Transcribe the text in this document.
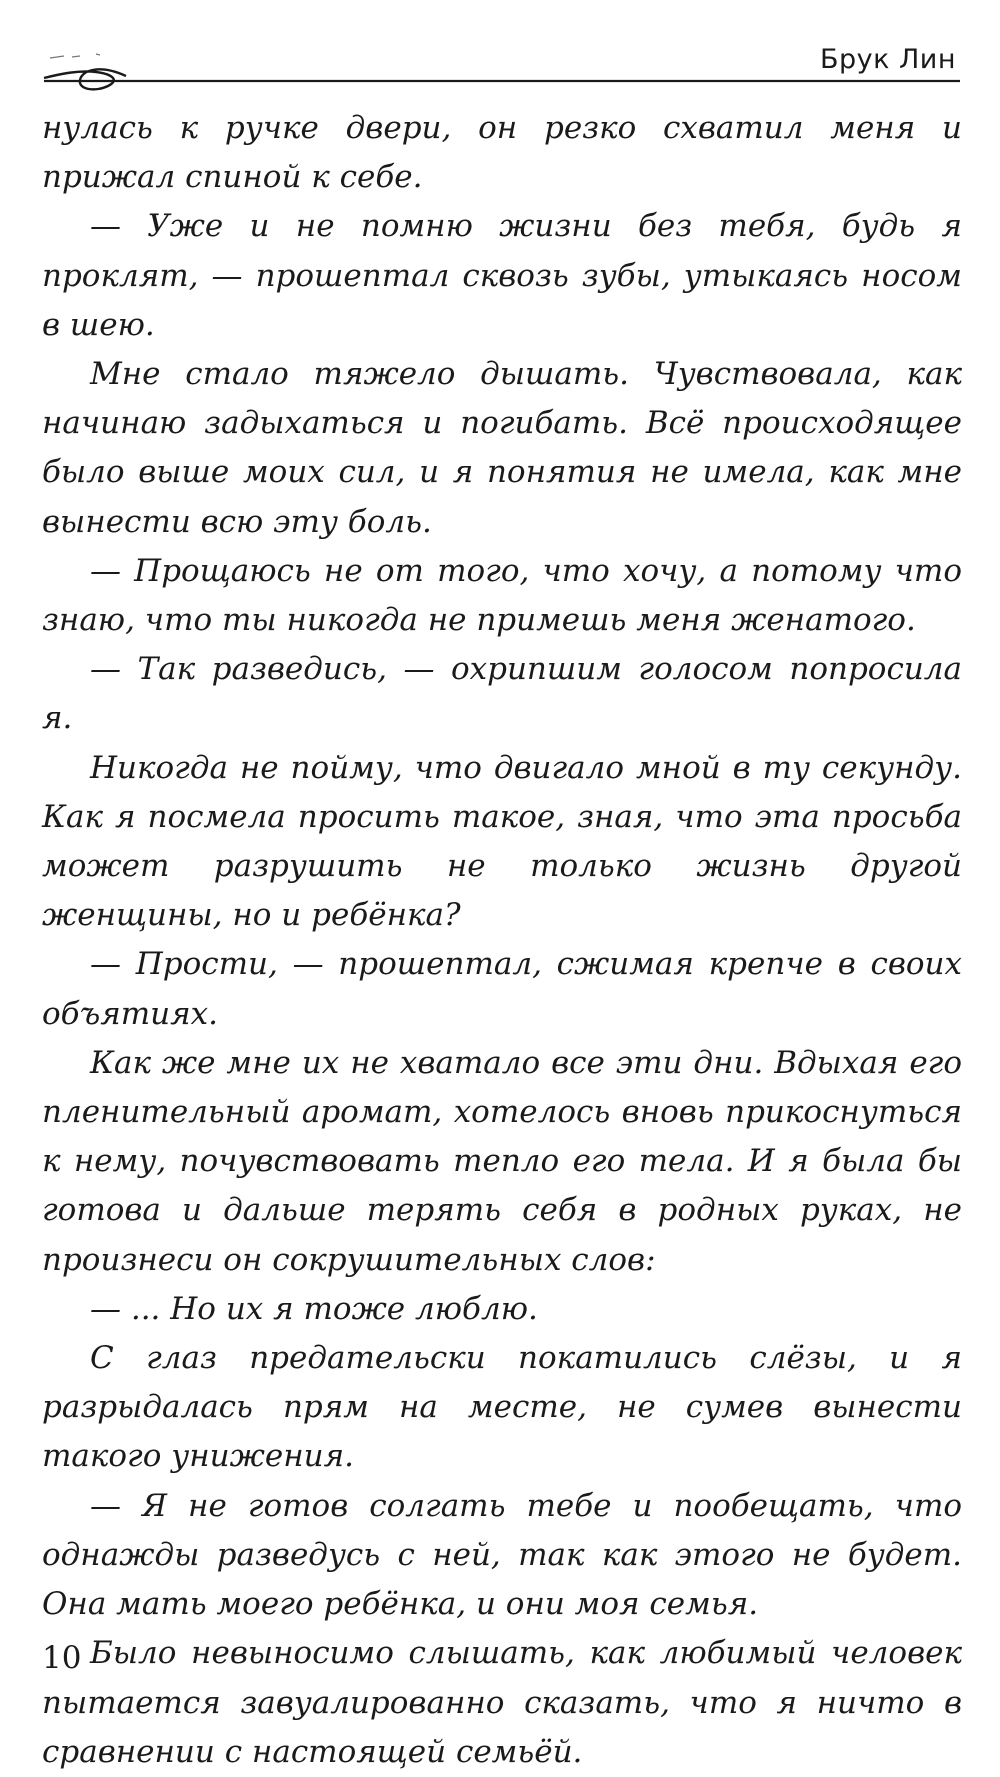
Брук Лин

нулась к ручке двери, он резко схватил меня и прижал спиной к себе.

— Уже и не помню жизни без тебя, будь я проклят, — прошептал сквозь зубы, утыкаясь носом в шею.

Мне стало тяжело дышать. Чувствовала, как начинаю задыхаться и погибать. Всё происходящее было выше моих сил, и я понятия не имела, как мне вынести всю эту боль.

— Прощаюсь не от того, что хочу, а потому что знаю, что ты никогда не примешь меня женатого.

— Так разведись, — охрипшим голосом попросила я.

Никогда не пойму, что двигало мной в ту секунду. Как я посмела просить такое, зная, что эта просьба может разрушить не только жизнь другой женщины, но и ребёнка?

— Прости, — прошептал, сжимая крепче в своих объятиях.

Как же мне их не хватало все эти дни. Вдыхая его пленительный аромат, хотелось вновь прикоснуться к нему, почувствовать тепло его тела. И я была бы готова и дальше терять себя в родных руках, не произнеси он сокрушительных слов:

— ... Но их я тоже люблю.

С глаз предательски покатились слёзы, и я разрыдалась прям на месте, не сумев вынести такого унижения.

— Я не готов солгать тебе и пообещать, что однажды разведусь с ней, так как этого не будет. Она мать моего ребёнка, и они моя семья.

Было невыносимо слышать, как любимый человек пытается завуалированно сказать, что я ничто в сравнении с настоящей семьёй.

10
